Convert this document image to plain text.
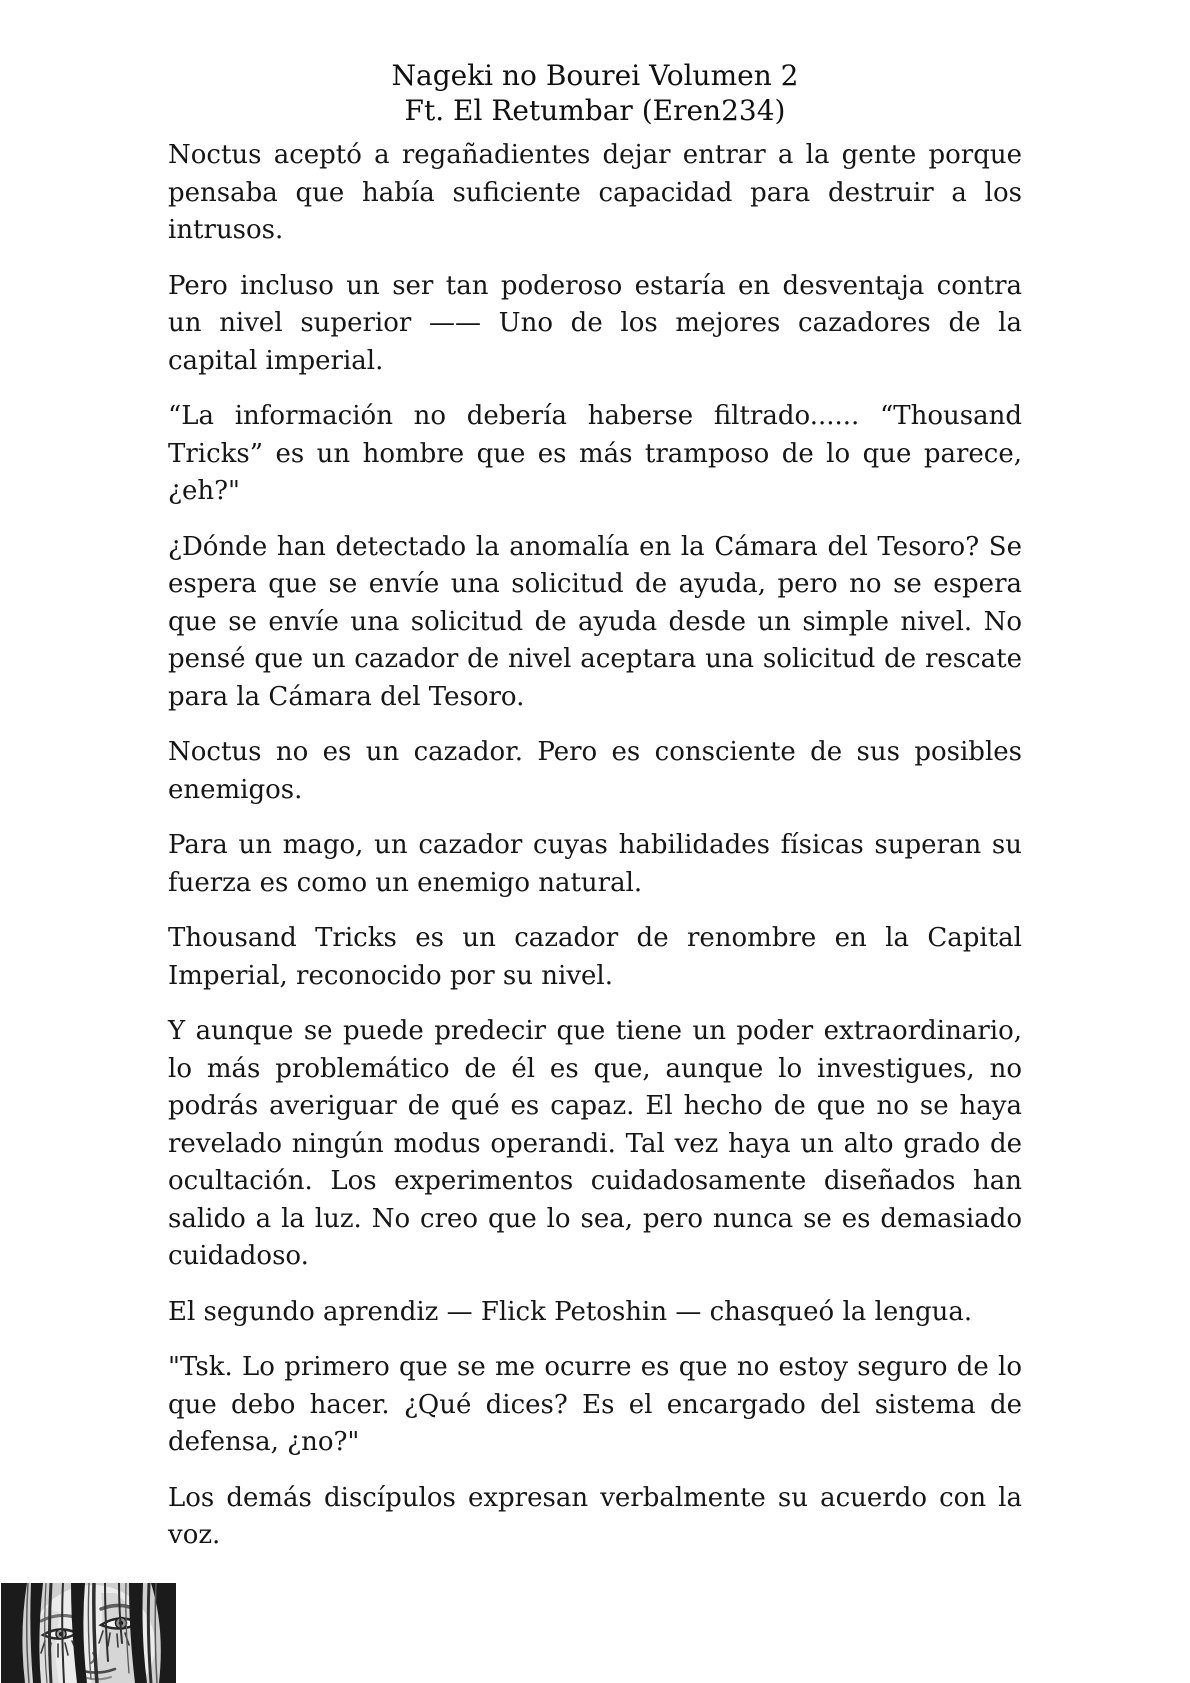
Nageki no Bourei Volumen 2
Ft. El Retumbar (Eren234)

Noctus aceptó a regañadientes dejar entrar a la gente porque pensaba que había suficiente capacidad para destruir a los intrusos.

Pero incluso un ser tan poderoso estaría en desventaja contra un nivel superior —— Uno de los mejores cazadores de la capital imperial.

“La información no debería haberse filtrado...... “Thousand Tricks” es un hombre que es más tramposo de lo que parece, ¿eh?"

¿Dónde han detectado la anomalía en la Cámara del Tesoro? Se espera que se envíe una solicitud de ayuda, pero no se espera que se envíe una solicitud de ayuda desde un simple nivel. No pensé que un cazador de nivel aceptara una solicitud de rescate para la Cámara del Tesoro.

Noctus no es un cazador. Pero es consciente de sus posibles enemigos.

Para un mago, un cazador cuyas habilidades físicas superan su fuerza es como un enemigo natural.

Thousand Tricks es un cazador de renombre en la Capital Imperial, reconocido por su nivel.

Y aunque se puede predecir que tiene un poder extraordinario, lo más problemático de él es que, aunque lo investigues, no podrás averiguar de qué es capaz. El hecho de que no se haya revelado ningún modus operandi. Tal vez haya un alto grado de ocultación. Los experimentos cuidadosamente diseñados han salido a la luz. No creo que lo sea, pero nunca se es demasiado cuidadoso.

El segundo aprendiz — Flick Petoshin — chasqueó la lengua.

"Tsk. Lo primero que se me ocurre es que no estoy seguro de lo que debo hacer. ¿Qué dices? Es el encargado del sistema de defensa, ¿no?"

Los demás discípulos expresan verbalmente su acuerdo con la voz.
